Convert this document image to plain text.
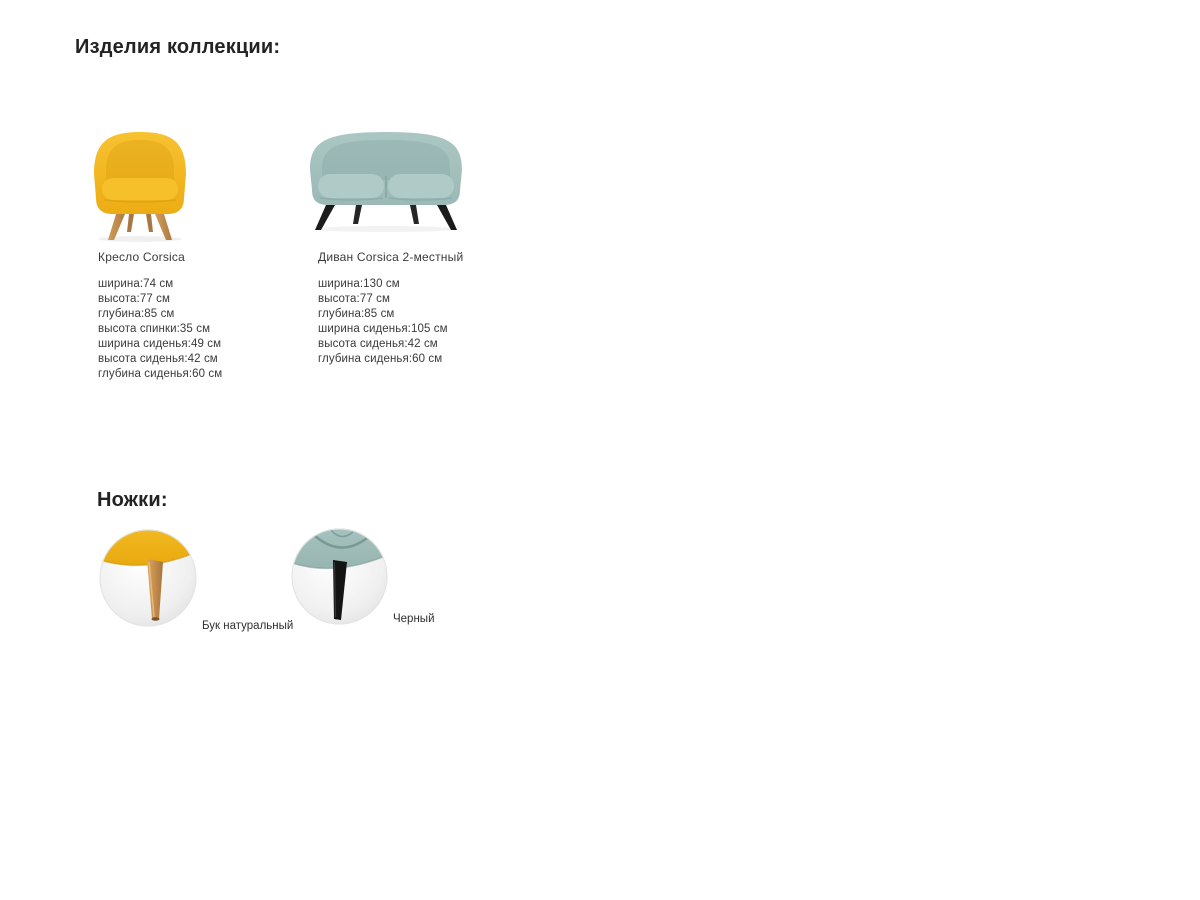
Изделия коллекции:
Кресло Corsica	Диван Corsica 2-местный
ширина:74 см
высота:77 см
глубина:85 см
высота спинки:35 см
ширина сиденья:49 см
высота сиденья:42 см
глубина сиденья:60 см
ширина:130 см
высота:77 см
глубина:85 см
ширина сиденья:105 см
высота сиденья:42 см
глубина сиденья:60 см
Ножки:
Бук натуральный
Черный
